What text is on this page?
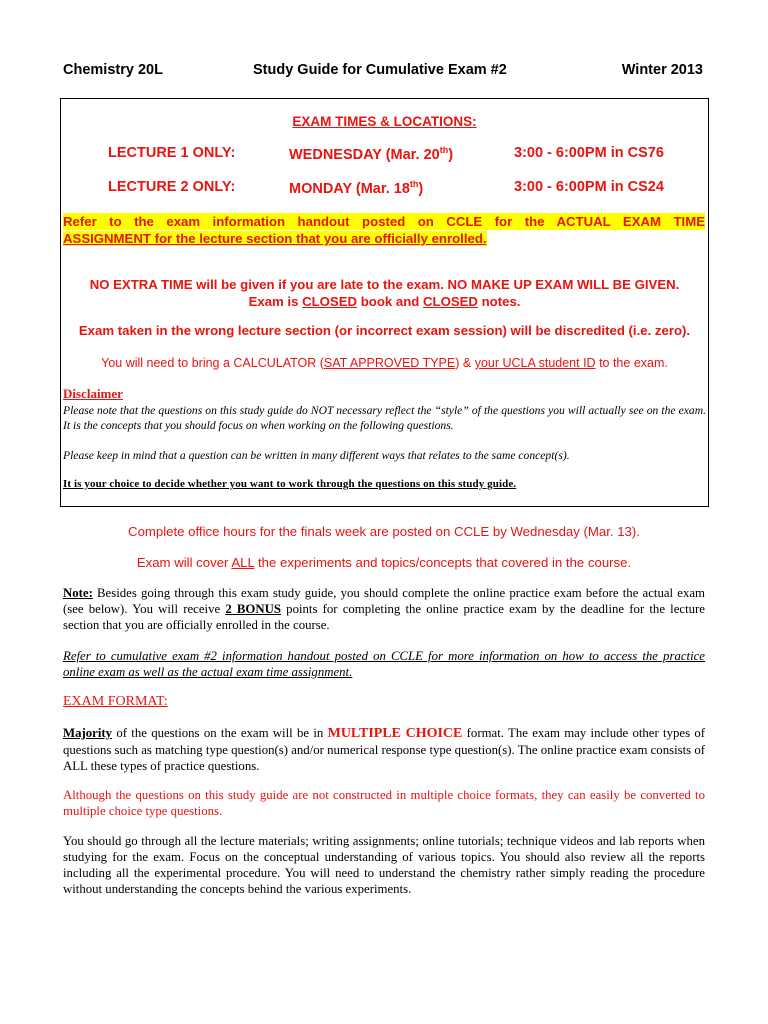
Chemistry 20L	Study Guide for Cumulative Exam #2	Winter 2013
EXAM TIMES & LOCATIONS:
LECTURE 1 ONLY:	WEDNESDAY (Mar. 20th)	3:00 - 6:00PM in CS76
LECTURE 2 ONLY:	MONDAY (Mar. 18th)	3:00 - 6:00PM in CS24
Refer to the exam information handout posted on CCLE for the ACTUAL EXAM TIME
ASSIGNMENT for the lecture section that you are officially enrolled.
NO EXTRA TIME will be given if you are late to the exam. NO MAKE UP EXAM WILL BE GIVEN.
Exam is CLOSED book and CLOSED notes.
Exam taken in the wrong lecture section (or incorrect exam session) will be discredited (i.e. zero).
You will need to bring a CALCULATOR (SAT APPROVED TYPE) & your UCLA student ID to the exam.
Disclaimer
Please note that the questions on this study guide do NOT necessary reflect the “style” of the questions you will actually see on the exam. It is the concepts that you should focus on when working on the following questions.
Please keep in mind that a question can be written in many different ways that relates to the same concept(s).
It is your choice to decide whether you want to work through the questions on this study guide.
Complete office hours for the finals week are posted on CCLE by Wednesday (Mar. 13).
Exam will cover ALL the experiments and topics/concepts that covered in the course.
Note: Besides going through this exam study guide, you should complete the online practice exam before the actual exam (see below). You will receive 2 BONUS points for completing the online practice exam by the deadline for the lecture section that you are officially enrolled in the course.
Refer to cumulative exam #2 information handout posted on CCLE for more information on how to access the practice online exam as well as the actual exam time assignment.
EXAM FORMAT:
Majority of the questions on the exam will be in MULTIPLE CHOICE format. The exam may include other types of questions such as matching type question(s) and/or numerical response type question(s). The online practice exam consists of ALL these types of practice questions.
Although the questions on this study guide are not constructed in multiple choice formats, they can easily be converted to multiple choice type questions.
You should go through all the lecture materials; writing assignments; online tutorials; technique videos and lab reports when studying for the exam. Focus on the conceptual understanding of various topics. You should also review all the reports including all the experimental procedure. You will need to understand the chemistry rather simply reading the procedure without understanding the concepts behind the various experiments.
